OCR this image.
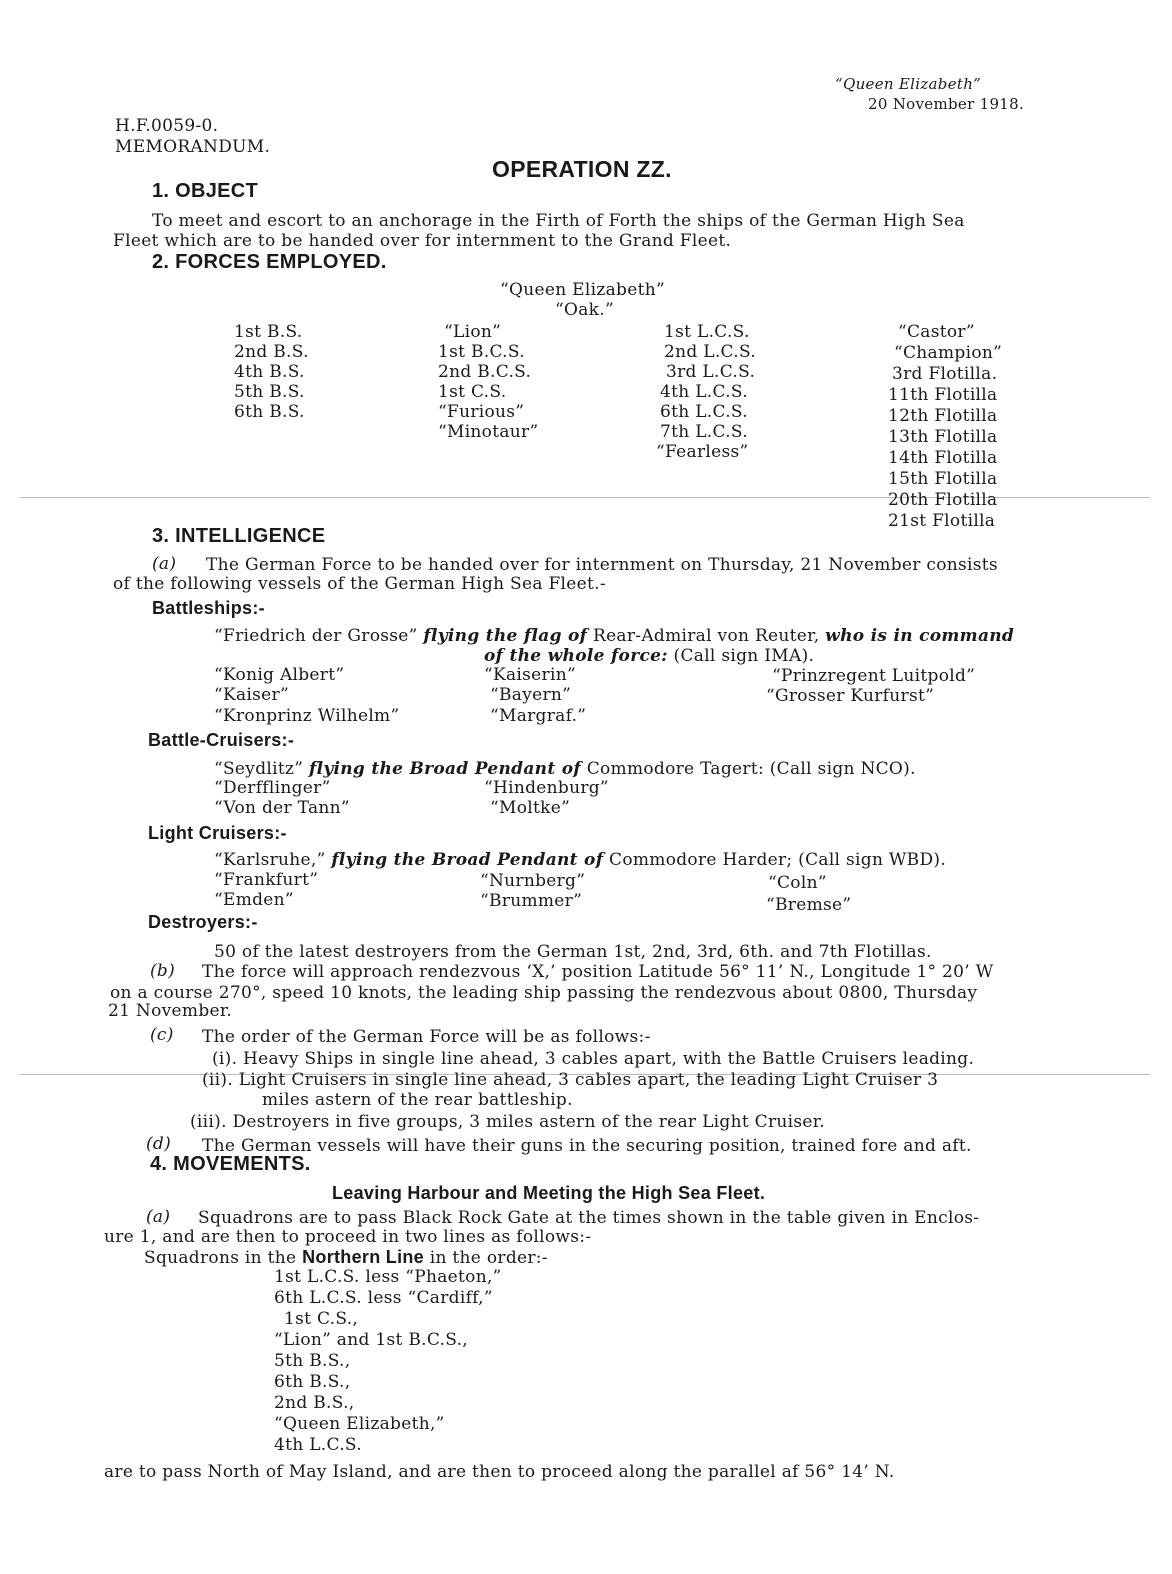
“Queen Elizabeth”
20 November 1918.
H.F.0059-0.
MEMORANDUM.
OPERATION ZZ.
1. OBJECT
To meet and escort to an anchorage in the Firth of Forth the ships of the German High Sea
Fleet which are to be handed over for internment to the Grand Fleet.
2. FORCES EMPLOYED.
“Queen Elizabeth”
“Oak.”
1st B.S.
2nd B.S.
4th B.S.
5th B.S.
6th B.S.
“Lion”
1st B.C.S.
2nd B.C.S.
1st C.S.
“Furious”
“Minotaur”
1st L.C.S.
2nd L.C.S.
3rd L.C.S.
4th L.C.S.
6th L.C.S.
7th L.C.S.
“Fearless”
“Castor”
“Champion”
3rd Flotilla.
11th Flotilla
12th Flotilla
13th Flotilla
14th Flotilla
15th Flotilla
20th Flotilla
21st Flotilla
3. INTELLIGENCE
(a) The German Force to be handed over for internment on Thursday, 21 November consists
of the following vessels of the German High Sea Fleet.-
Battleships:-
“Friedrich der Grosse” flying the flag of Rear-Admiral von Reuter, who is in command
of the whole force: (Call sign IMA).
“Konig Albert”
“Kaiser”
“Kronprinz Wilhelm”
“Kaiserin”
“Bayern”
“Margraf.”
“Prinzregent Luitpold”
“Grosser Kurfurst”
Battle-Cruisers:-
“Seydlitz” flying the Broad Pendant of Commodore Tagert: (Call sign NCO).
“Derfflinger”
“Von der Tann”
“Hindenburg”
“Moltke”
Light Cruisers:-
“Karlsruhe,” flying the Broad Pendant of Commodore Harder; (Call sign WBD).
“Frankfurt”
“Emden”
“Nurnberg”
“Brummer”
“Coln”
“Bremse”
Destroyers:-
50 of the latest destroyers from the German 1st, 2nd, 3rd, 6th. and 7th Flotillas.
(b) The force will approach rendezvous ‘X,’ position Latitude 56° 11’ N., Longitude 1° 20’ W
on a course 270°, speed 10 knots, the leading ship passing the rendezvous about 0800, Thursday
21 November.
(c) The order of the German Force will be as follows:-
(i). Heavy Ships in single line ahead, 3 cables apart, with the Battle Cruisers leading.
(ii). Light Cruisers in single line ahead, 3 cables apart, the leading Light Cruiser 3
miles astern of the rear battleship.
(iii). Destroyers in five groups, 3 miles astern of the rear Light Cruiser.
(d) The German vessels will have their guns in the securing position, trained fore and aft.
4. MOVEMENTS.
Leaving Harbour and Meeting the High Sea Fleet.
(a) Squadrons are to pass Black Rock Gate at the times shown in the table given in Enclos-
ure 1, and are then to proceed in two lines as follows:-
Squadrons in the Northern Line in the order:-
1st L.C.S. less “Phaeton,”
6th L.C.S. less “Cardiff,”
1st C.S.,
“Lion” and 1st B.C.S.,
5th B.S.,
6th B.S.,
2nd B.S.,
“Queen Elizabeth,”
4th L.C.S.
are to pass North of May Island, and are then to proceed along the parallel af 56° 14’ N.
